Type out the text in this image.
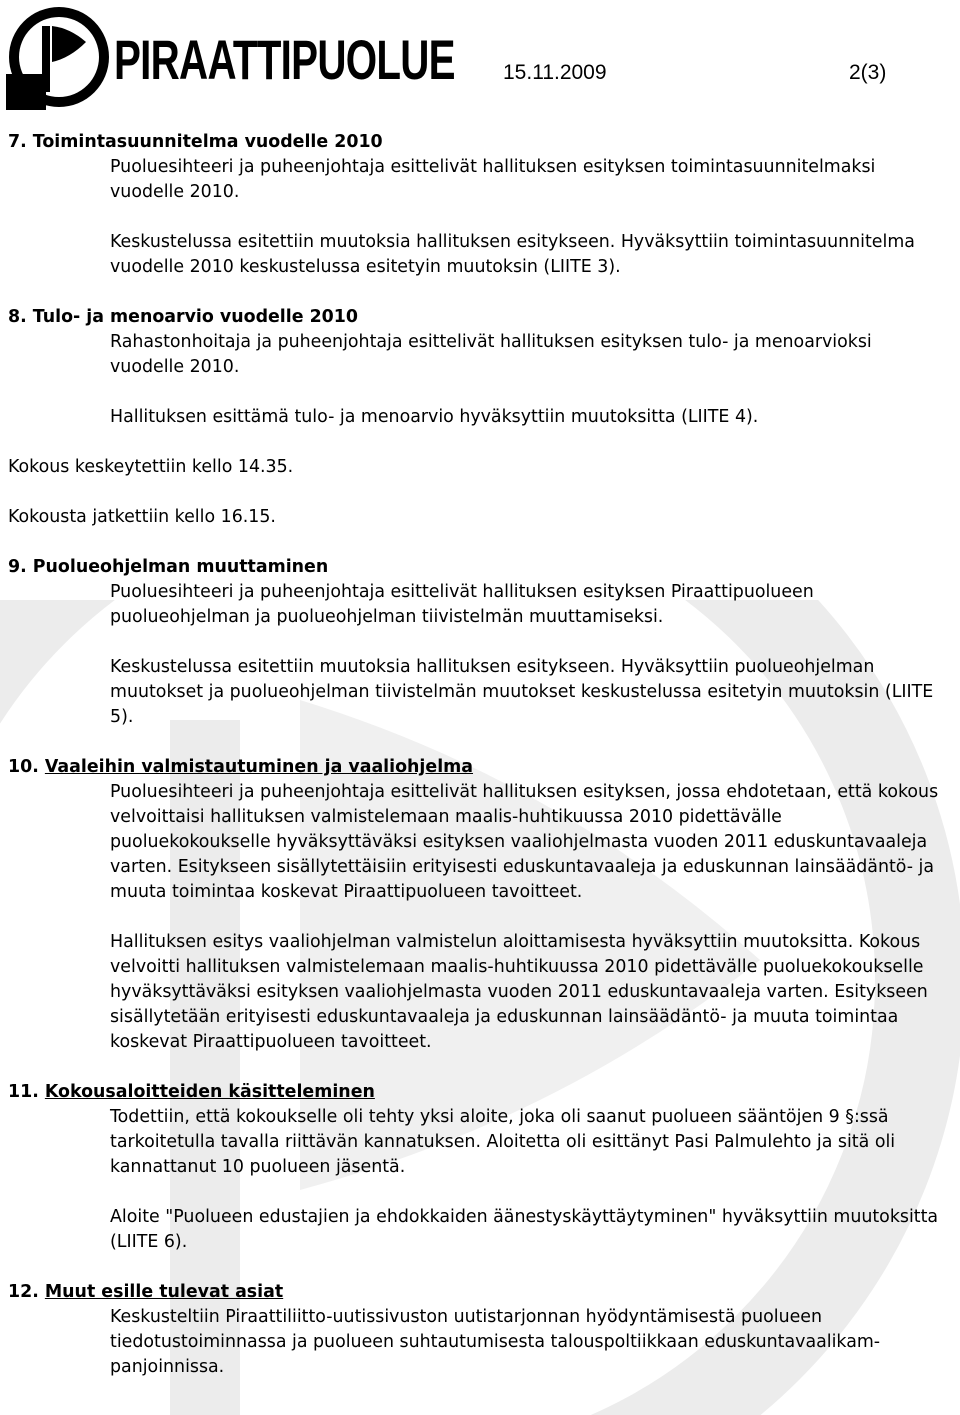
PIRAATTIPUOLUE 15.11.2009	2(3)
7. Toimintasuunnitelma vuodelle 2010
Puoluesihteeri ja puheenjohtaja esittelivät hallituksen esityksen toimintasuunnitelmaksi vuodelle 2010.
Keskustelussa esitettiin muutoksia hallituksen esitykseen. Hyväksyttiin toimintasuunnitelma vuodelle 2010 keskustelussa esitetyin muutoksin (LIITE 3).
8. Tulo- ja menoarvio vuodelle 2010
Rahastonhoitaja ja puheenjohtaja esittelivät hallituksen esityksen tulo- ja menoarvioksi vuodelle 2010.
Hallituksen esittämä tulo- ja menoarvio hyväksyttiin muutoksitta (LIITE 4).
Kokous keskeytettiin kello 14.35.
Kokousta jatkettiin kello 16.15.
9. Puolueohjelman muuttaminen
Puoluesihteeri ja puheenjohtaja esittelivät hallituksen esityksen Piraattipuolueen puolueohjelman ja puolueohjelman tiivistelmän muuttamiseksi.
Keskustelussa esitettiin muutoksia hallituksen esitykseen. Hyväksyttiin puolueohjelman muutokset ja puolueohjelman tiivistelmän muutokset keskustelussa esitetyin muutoksin (LIITE 5).
10. Vaaleihin valmistautuminen ja vaaliohjelma
Puoluesihteeri ja puheenjohtaja esittelivät hallituksen esityksen, jossa ehdotetaan, että kokous velvoittaisi hallituksen valmistelemaan maalis-huhtikuussa 2010 pidettävälle puoluekokoukselle hyväksyttäväksi esityksen vaaliohjelmasta vuoden 2011 eduskuntavaaleja varten. Esitykseen sisällytettäisiin erityisesti eduskuntavaaleja ja eduskunnan lainsäädäntö- ja muuta toimintaa koskevat Piraattipuolueen tavoitteet.
Hallituksen esitys vaaliohjelman valmistelun aloittamisesta hyväksyttiin muutoksitta. Kokous velvoitti hallituksen valmistelemaan maalis-huhtikuussa 2010 pidettävälle puoluekokoukselle hyväksyttäväksi esityksen vaaliohjelmasta vuoden 2011 eduskuntavaaleja varten. Esitykseen sisällytetään erityisesti eduskuntavaaleja ja eduskunnan lainsäädäntö- ja muuta toimintaa koskevat Piraattipuolueen tavoitteet.
11. Kokousaloitteiden käsitteleminen
Todettiin, että kokoukselle oli tehty yksi aloite, joka oli saanut puolueen sääntöjen 9 §:ssä tarkoitetulla tavalla riittävän kannatuksen. Aloitetta oli esittänyt Pasi Palmulehto ja sitä oli kannattanut 10 puolueen jäsentä.
Aloite "Puolueen edustajien ja ehdokkaiden äänestyskäyttäytyminen" hyväksyttiin muutoksitta (LIITE 6).
12. Muut esille tulevat asiat
Keskusteltiin Piraattiliitto-uutissivuston uutistarjonnan hyödyntämisestä puolueen tiedotustoiminnassa ja puolueen suhtautumisesta talouspoltiikkaan eduskuntavaalikam-panjoinnissa.
